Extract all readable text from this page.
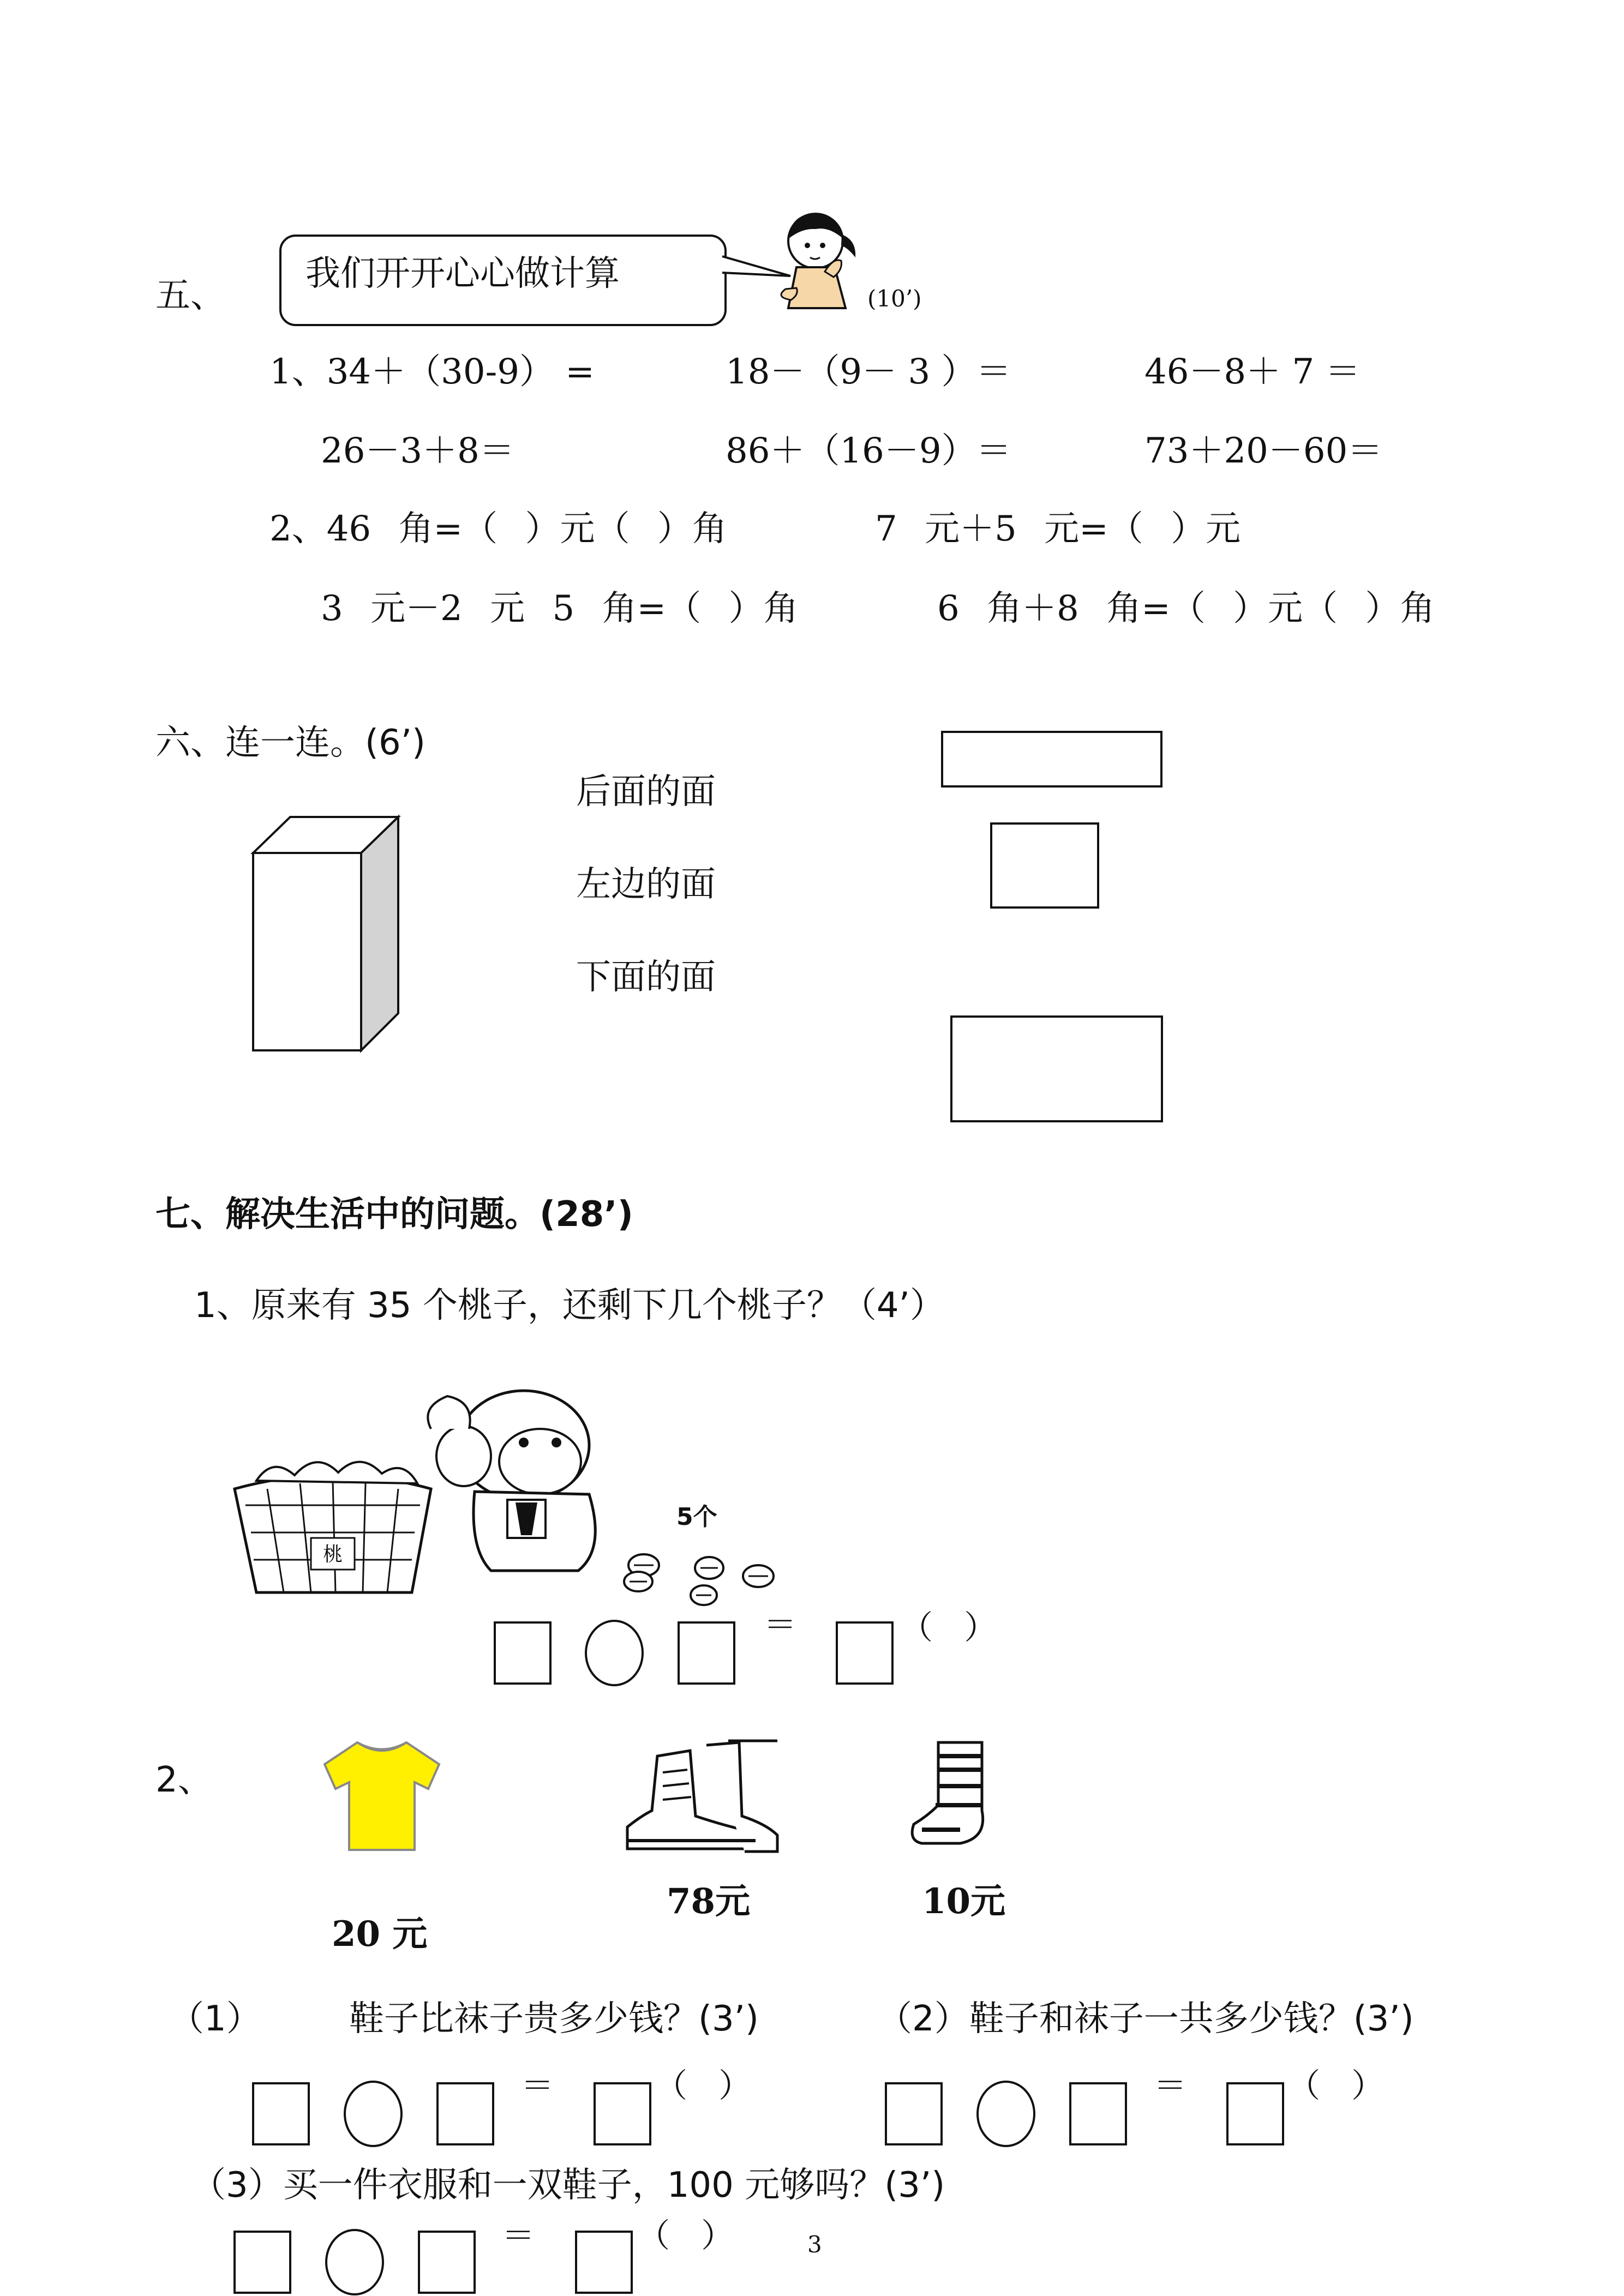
五、
我们开开心心做计算
(10’)
1、34＋（30-9） =	18－（9－ 3 ）＝	46－8＋ 7 ＝
26－3＋8＝	86＋（16－9）＝	73＋20－60＝
2、46 角=（ ）元（ ）角	7 元＋5 元=（ ）元
3 元－2 元 5 角=（ ）角	6 角＋8 角=（ ）元（ ）角
六、连一连。(6’)
后面的面
左边的面
下面的面
七、解决生活中的问题。(28’)
1、原来有 35 个桃子，还剩下几个桃子？（4’）
桃
5个
＝	（   ）
2、
20 元
78元	10元
（1）	鞋子比袜子贵多少钱？(3’)	（2）鞋子和袜子一共多少钱？(3’)
＝	（   ）	＝	（   ）
（3）买一件衣服和一双鞋子，100 元够吗？(3’)
＝	（   ）	3
